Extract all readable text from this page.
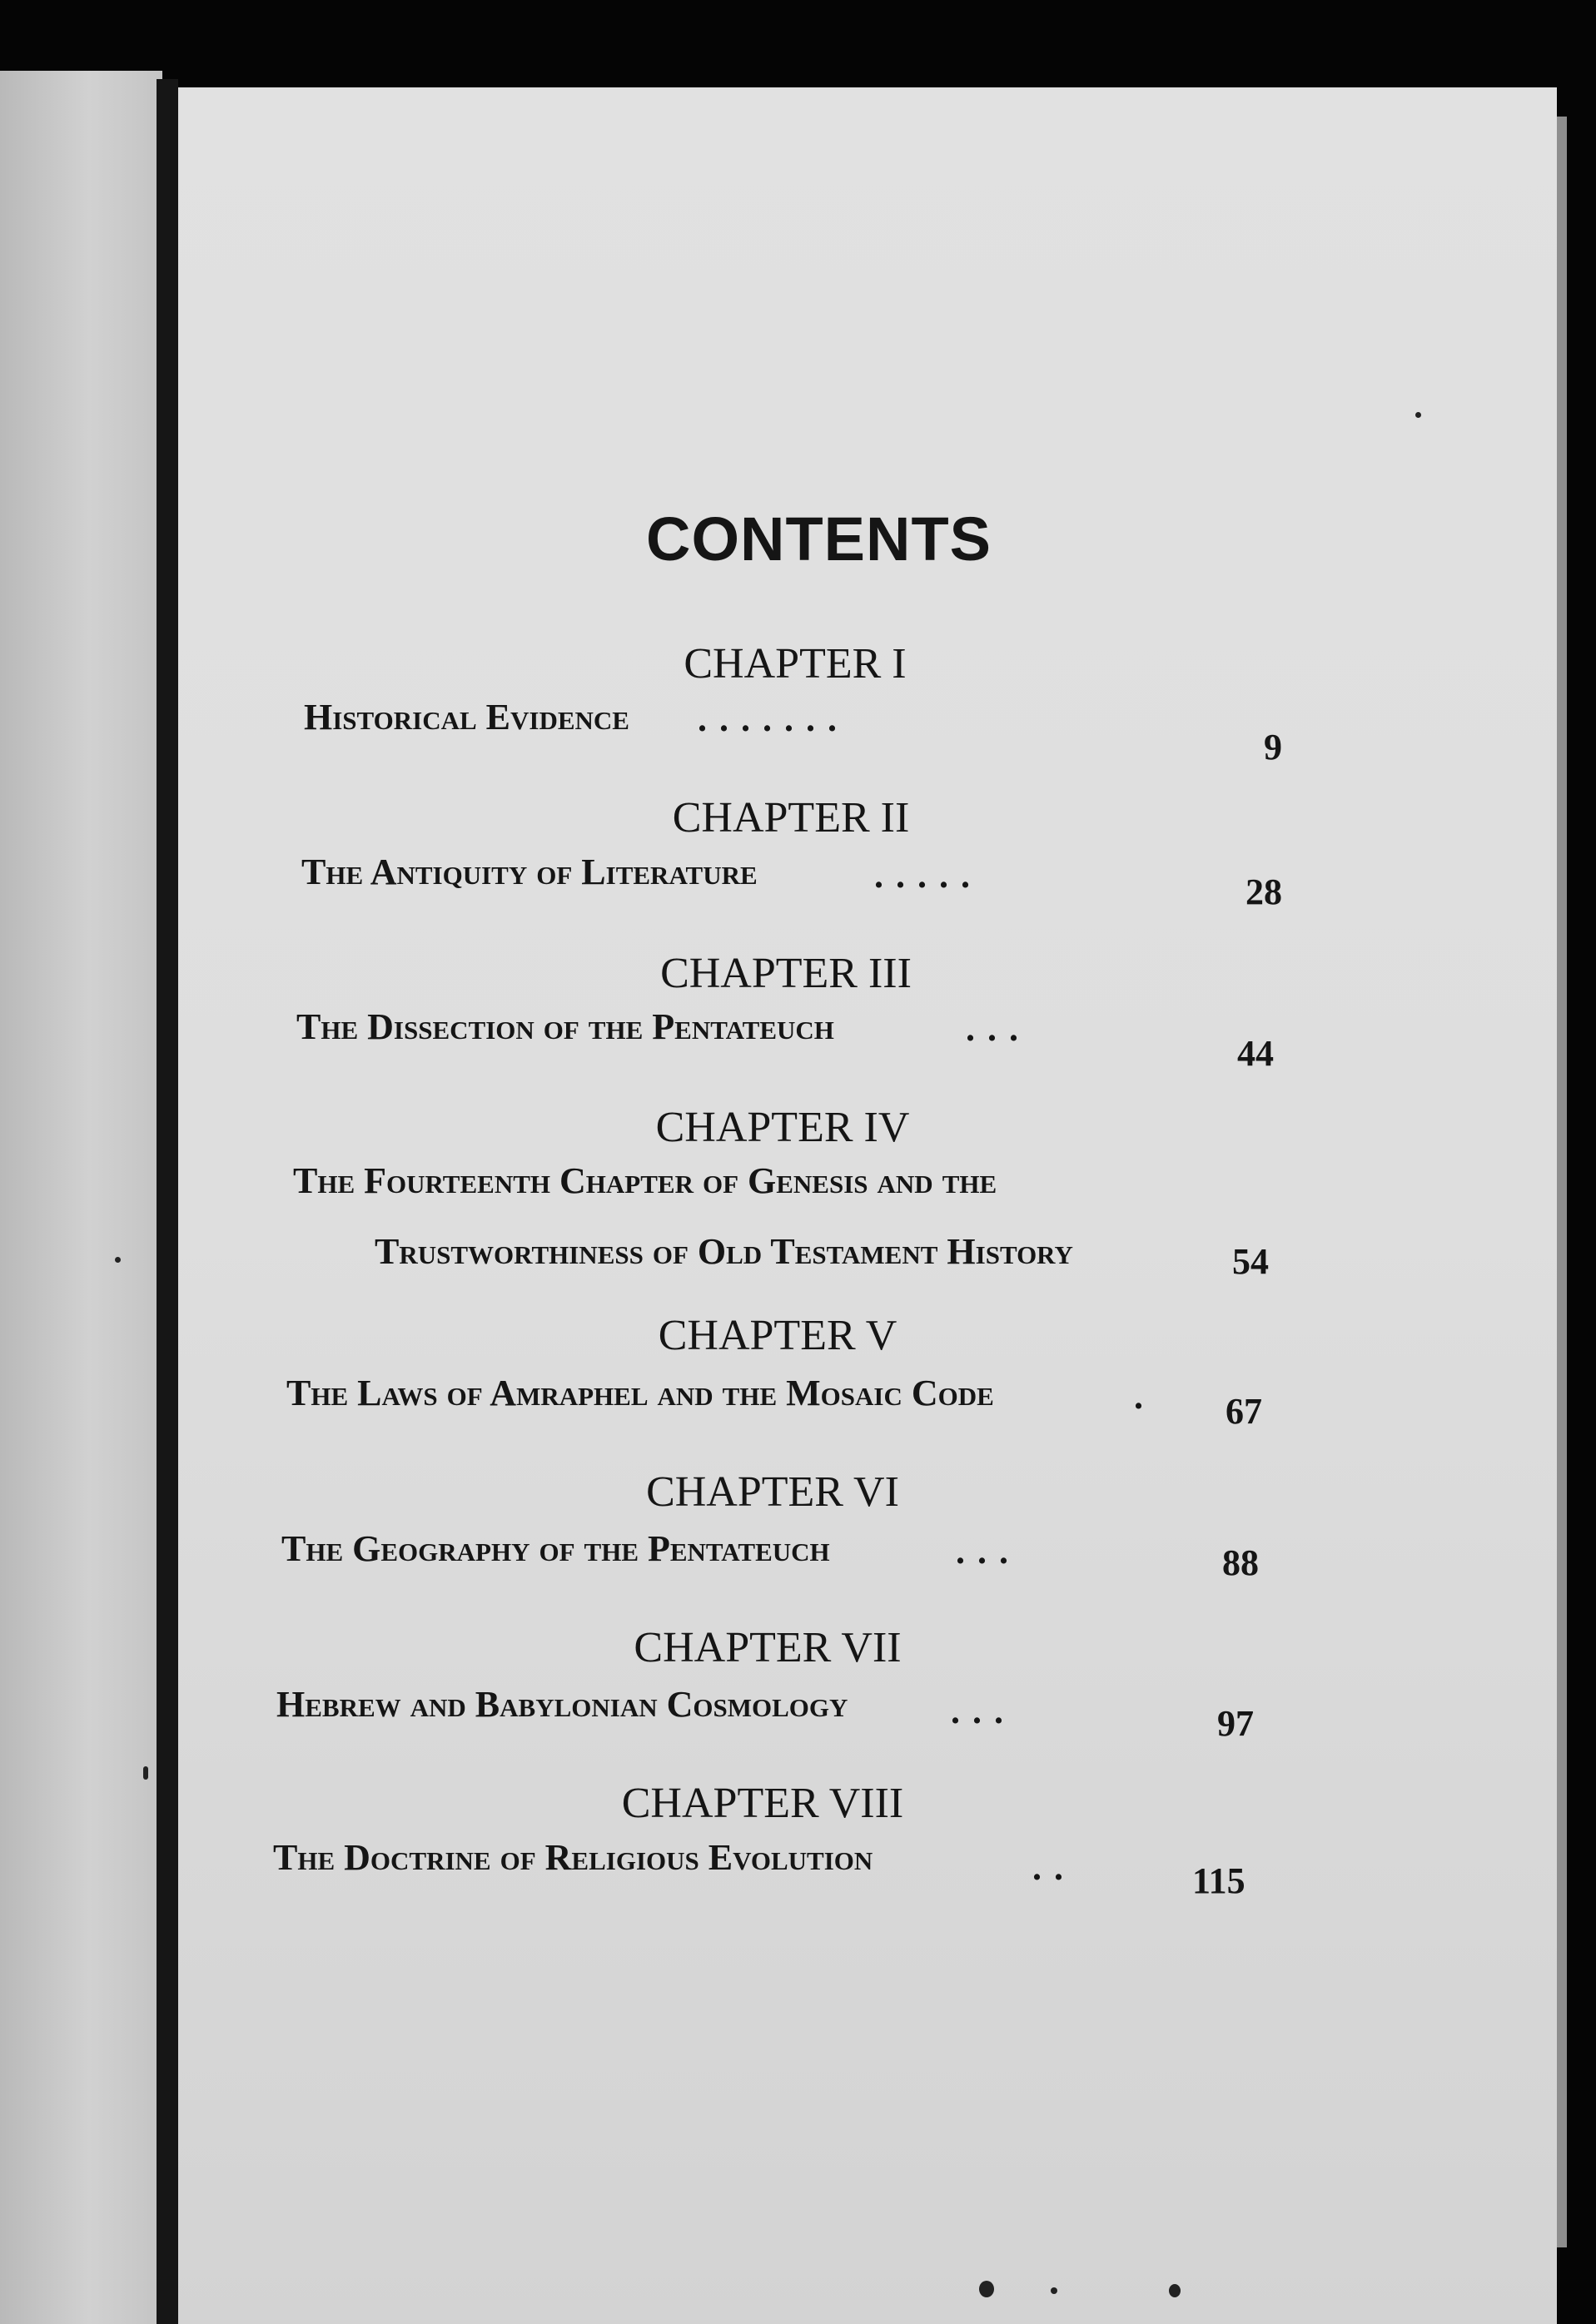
CONTENTS
CHAPTER I
Historical Evidence . . . . . . .
9
CHAPTER II
The Antiquity of Literature	. . . . .	28
CHAPTER III
The Dissection of the Pentateuch	. . .
44
CHAPTER IV
The Fourteenth Chapter of Genesis and the
Trustworthiness of Old Testament History	54
CHAPTER V
The Laws of Amraphel and the Mosaic Code	. 67
CHAPTER VI
The Geography of the Pentateuch	. . .	88
CHAPTER VII
Hebrew and Babylonian Cosmology	. . .	97
CHAPTER VIII
The Doctrine of Religious Evolution	. .	115
